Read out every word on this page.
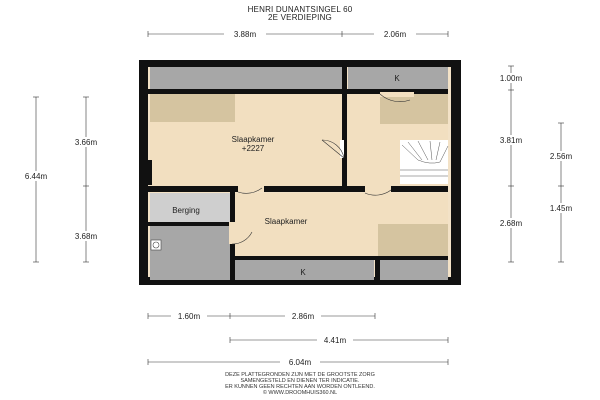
HENRI DUNANTSINGEL 60
2E VERDIEPING
Slaapkamer
+2227
Slaapkamer
Berging
K
K
3.88m	2.06m
6.44m
3.66m
3.68m
1.00m
3.81m
2.56m
1.45m
2.68m
1.60m	2.86m
4.41m
6.04m
DEZE PLATTEGRONDEN ZIJN MET DE GROOTSTE ZORG
SAMENGESTELD EN DIENEN TER INDICATIE.
ER KUNNEN GEEN RECHTEN AAN WORDEN ONTLEEND.
© WWW.DROOMHUIS360.NL
